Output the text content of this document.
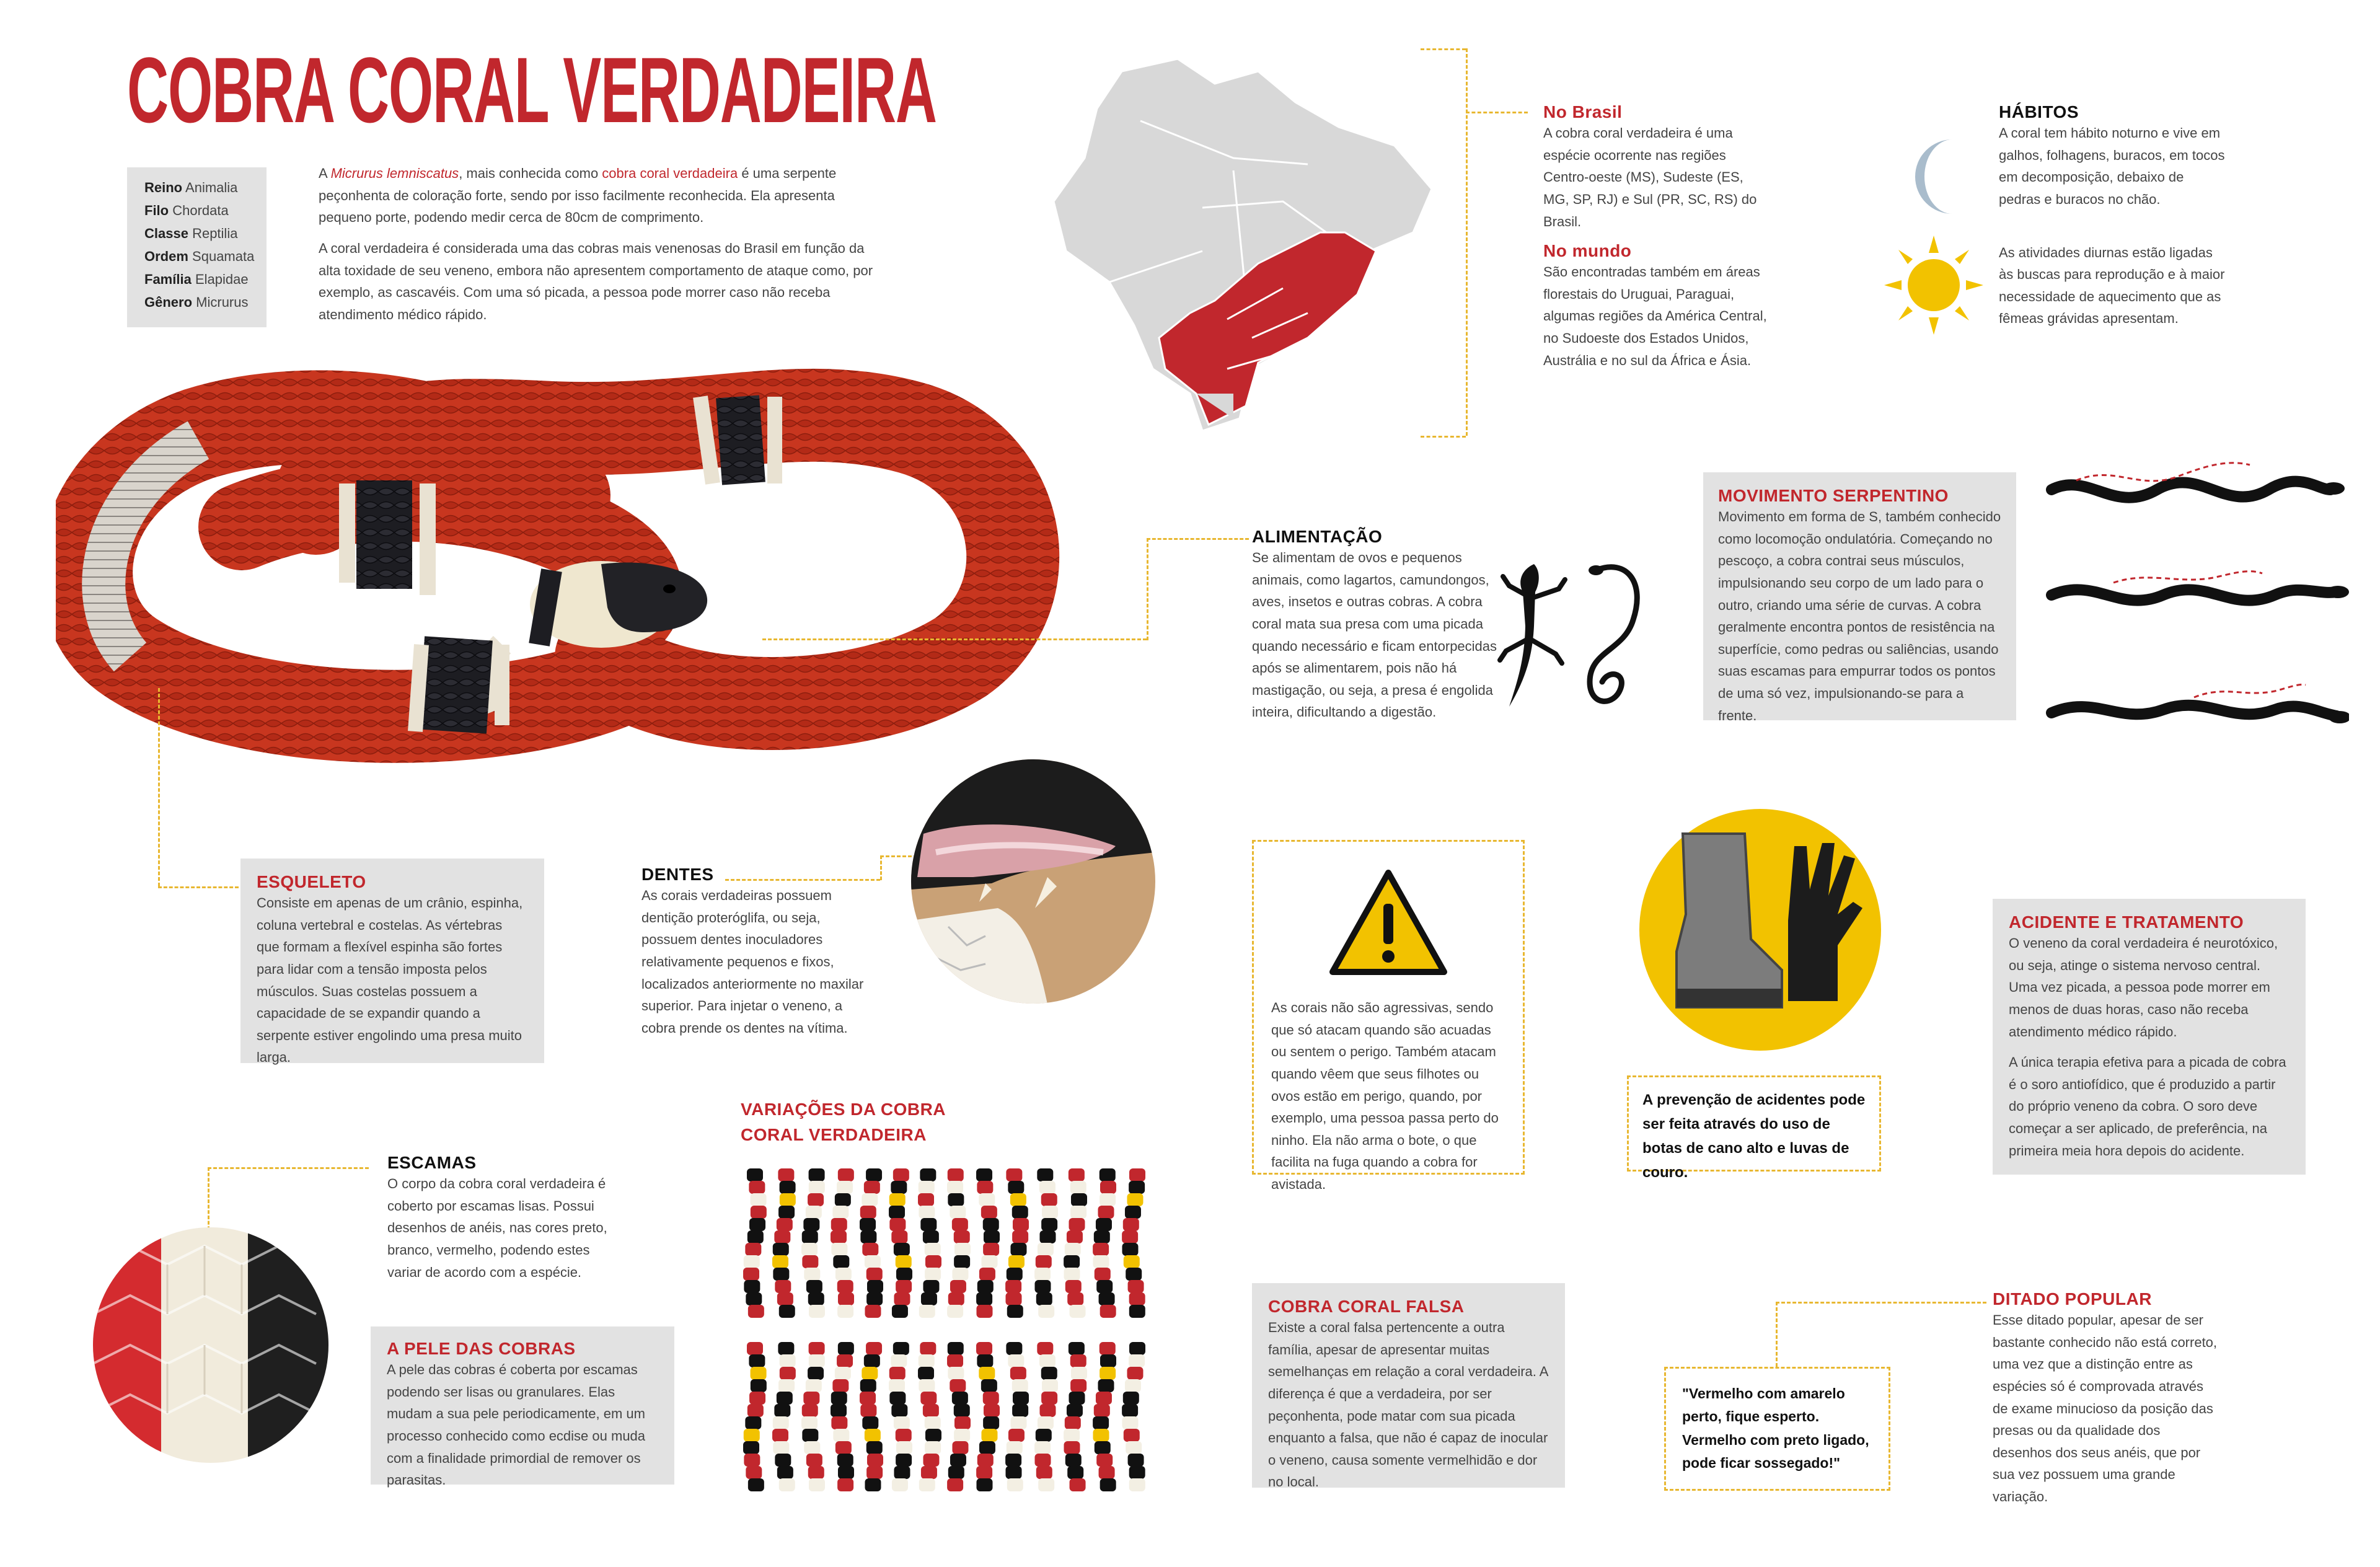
COBRA CORAL VERDADEIRA
Reino Animalia
Filo Chordata
Classe Reptilia
Ordem Squamata
Família Elapidae
Gênero Micrurus

A Micrurus lemniscatus, mais conhecida como cobra coral verdadeira é uma serpente peçonhenta de coloração forte, sendo por isso facilmente reconhecida. Ela apresenta pequeno porte, podendo medir cerca de 80cm de comprimento.

A coral verdadeira é considerada uma das cobras mais venenosas do Brasil em função da alta toxidade de seu veneno, embora não apresentem comportamento de ataque como, por exemplo, as cascavéis. Com uma só picada, a pessoa pode morrer caso não receba atendimento médico rápido.

No Brasil

A cobra coral verdadeira é uma espécie ocorrente nas regiões Centro-oeste (MS), Sudeste (ES, MG, SP, RJ) e Sul (PR, SC, RS) do Brasil.

No mundo

São encontradas também em áreas florestais do Uruguai, Paraguai, algumas regiões da América Central, no Sudoeste dos Estados Unidos, Austrália e no sul da África e Ásia.

HÁBITOS

A coral tem hábito noturno e vive em galhos, folhagens, buracos, em tocos em decomposição, debaixo de pedras e buracos no chão.

As atividades diurnas estão ligadas às buscas para reprodução e à maior necessidade de aquecimento que as fêmeas grávidas apresentam.

ALIMENTAÇÃO

Se alimentam de ovos e pequenos animais, como lagartos, camundongos, aves, insetos e outras cobras. A cobra coral mata sua presa com uma picada quando necessário e ficam entorpecidas após se alimentarem, pois não há mastigação, ou seja, a presa é engolida inteira, dificultando a digestão.

MOVIMENTO SERPENTINO

Movimento em forma de S, também conhecido como locomoção ondulatória. Começando no pescoço, a cobra contrai seus músculos, impulsionando seu corpo de um lado para o outro, criando uma série de curvas. A cobra geralmente encontra pontos de resistência na superfície, como pedras ou saliências, usando suas escamas para empurrar todos os pontos de uma só vez, impulsionando-se para a frente.

ESQUELETO

Consiste em apenas de um crânio, espinha, coluna vertebral e costelas. As vértebras que formam a flexível espinha são fortes para lidar com a tensão imposta pelos músculos. Suas costelas possuem a capacidade de se expandir quando a serpente estiver engolindo uma presa muito larga.

DENTES

As corais verdadeiras possuem dentição proteróglifa, ou seja, possuem dentes inoculadores relativamente pequenos e fixos, localizados anteriormente no maxilar superior. Para injetar o veneno, a cobra prende os dentes na vítima.

As corais não são agressivas, sendo que só atacam quando são acuadas ou sentem o perigo. Também atacam quando vêem que seus filhotes ou ovos estão em perigo, quando, por exemplo, uma pessoa passa perto do ninho. Ela não arma o bote, o que facilita na fuga quando a cobra for avistada.

A prevenção de acidentes pode ser feita através do uso de botas de cano alto e luvas de couro.
ACIDENTE E TRATAMENTO

O veneno da coral verdadeira é neurotóxico, ou seja, atinge o sistema nervoso central. Uma vez picada, a pessoa pode morrer em menos de duas horas, caso não receba atendimento médico rápido.

A única terapia efetiva para a picada de cobra é o soro antiofídico, que é produzido a partir do próprio veneno da cobra. O soro deve começar a ser aplicado, de preferência, na primeira meia hora depois do acidente.

ESCAMAS

O corpo da cobra coral verdadeira é coberto por escamas lisas. Possui desenhos de anéis, nas cores preto, branco, vermelho, podendo estes variar de acordo com a espécie.

A PELE DAS COBRAS

A pele das cobras é coberta por escamas podendo ser lisas ou granulares. Elas mudam a sua pele periodicamente, em um processo conhecido como ecdise ou muda com a finalidade primordial de remover os parasitas.

VARIAÇÕES DA COBRA
CORAL VERDADEIRA
COBRA CORAL FALSA

Existe a coral falsa pertencente a outra família, apesar de apresentar muitas semelhanças em relação a coral verdadeira. A diferença é que a verdadeira, por ser peçonhenta, pode matar com sua picada enquanto a falsa, que não é capaz de inocular o veneno, causa somente vermelhidão e dor no local.

"Vermelho com amarelo perto, fique esperto. Vermelho com preto ligado, pode ficar sossegado!"
DITADO POPULAR

Esse ditado popular, apesar de ser bastante conhecido não está correto, uma vez que a distinção entre as espécies só é comprovada através de exame minucioso da posição das presas ou da qualidade dos desenhos dos seus anéis, que por sua vez possuem uma grande variação.
